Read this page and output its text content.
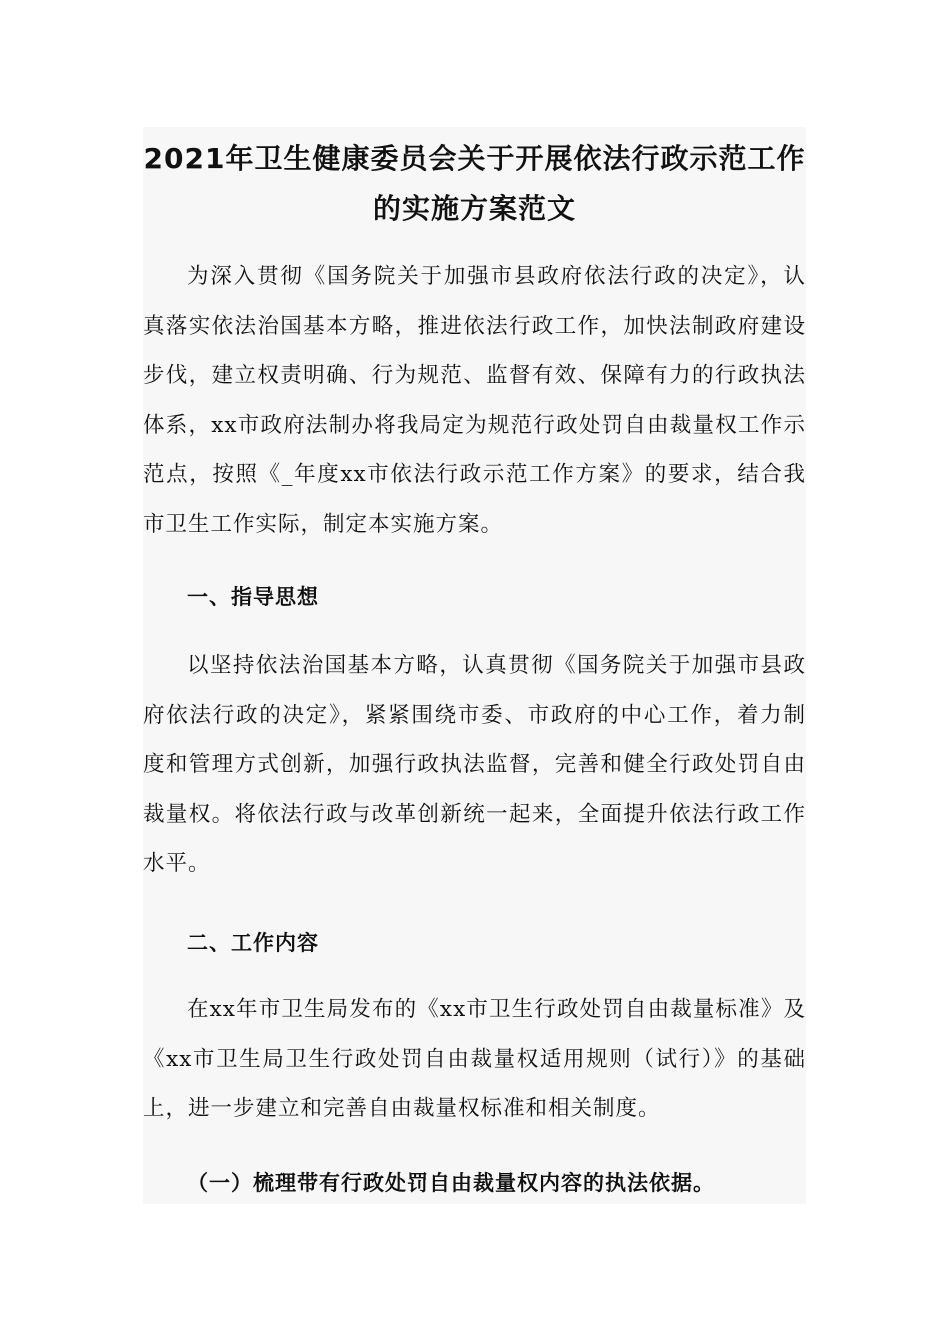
2021年卫生健康委员会关于开展依法行政示范工作
的实施方案范文

为深入贯彻《国务院关于加强市县政府依法行政的决定》，认真落实依法治国基本方略，推进依法行政工作，加快法制政府建设步伐，建立权责明确、行为规范、监督有效、保障有力的行政执法体系，xx市政府法制办将我局定为规范行政处罚自由裁量权工作示范点，按照《_年度xx市依法行政示范工作方案》的要求，结合我市卫生工作实际，制定本实施方案。

一、指导思想

以坚持依法治国基本方略，认真贯彻《国务院关于加强市县政府依法行政的决定》，紧紧围绕市委、市政府的中心工作，着力制度和管理方式创新，加强行政执法监督，完善和健全行政处罚自由裁量权。将依法行政与改革创新统一起来，全面提升依法行政工作水平。

二、工作内容

在xx年市卫生局发布的《xx市卫生行政处罚自由裁量标准》及《xx市卫生局卫生行政处罚自由裁量权适用规则（试行）》的基础上，进一步建立和完善自由裁量权标准和相关制度。

（一）梳理带有行政处罚自由裁量权内容的执法依据。
